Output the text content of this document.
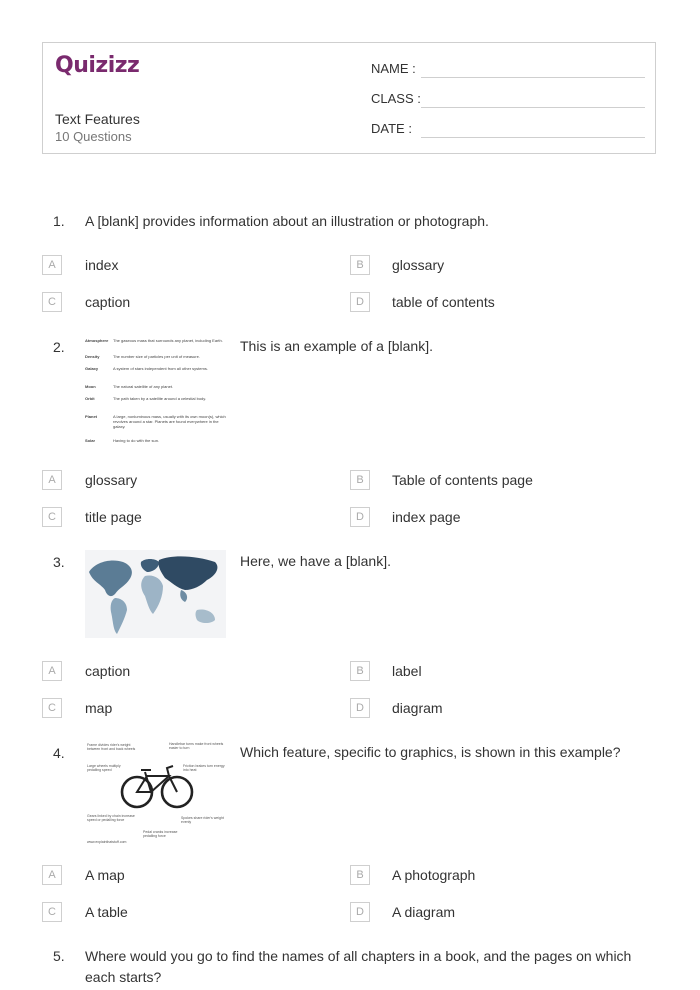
Quizizz
Text Features
10 Questions
NAME :
CLASS :
DATE :
1. A [blank] provides information about an illustration or photograph.
A	index	B	glossary
C	caption	D	table of contents
2.	Atmosphere The gaseous mass that surrounds any planet, including Earth.
Density	The number size of particles per unit of measure.
Galaxy	A system of stars independent from all other systems.
Moon	The natural satellite of any planet.
Orbit	The path taken by a satellite around a celestial body.
Planet	A large, nonluminous mass, usually with its own moon(s), which revolves around a star. Planets are found everywhere in the galaxy.
Solar	Having to do with the sun.
This is an example of a [blank].
A	glossary	B	Table of contents page
C	title page	D	index page
3.	Here, we have a [blank].
A	caption	B	label
C	map	D	diagram
4.	Frame divides rider's weight between front and back wheels
Handlebar turns make front wheels easier to turn
Large wheels multiply pedalling speed
Friction brakes turn energy into heat
Gears linked by chain increase speed or pedalling force	Spokes share rider's weight evenly
Pedal cranks increase pedalling force
www.explainthatstuff.com
Which feature, specific to graphics, is shown in this example?
A	A map	B	A photograph
C	A table	D	A diagram
5. Where would you go to find the names of all chapters in a book, and the pages on which each starts?
